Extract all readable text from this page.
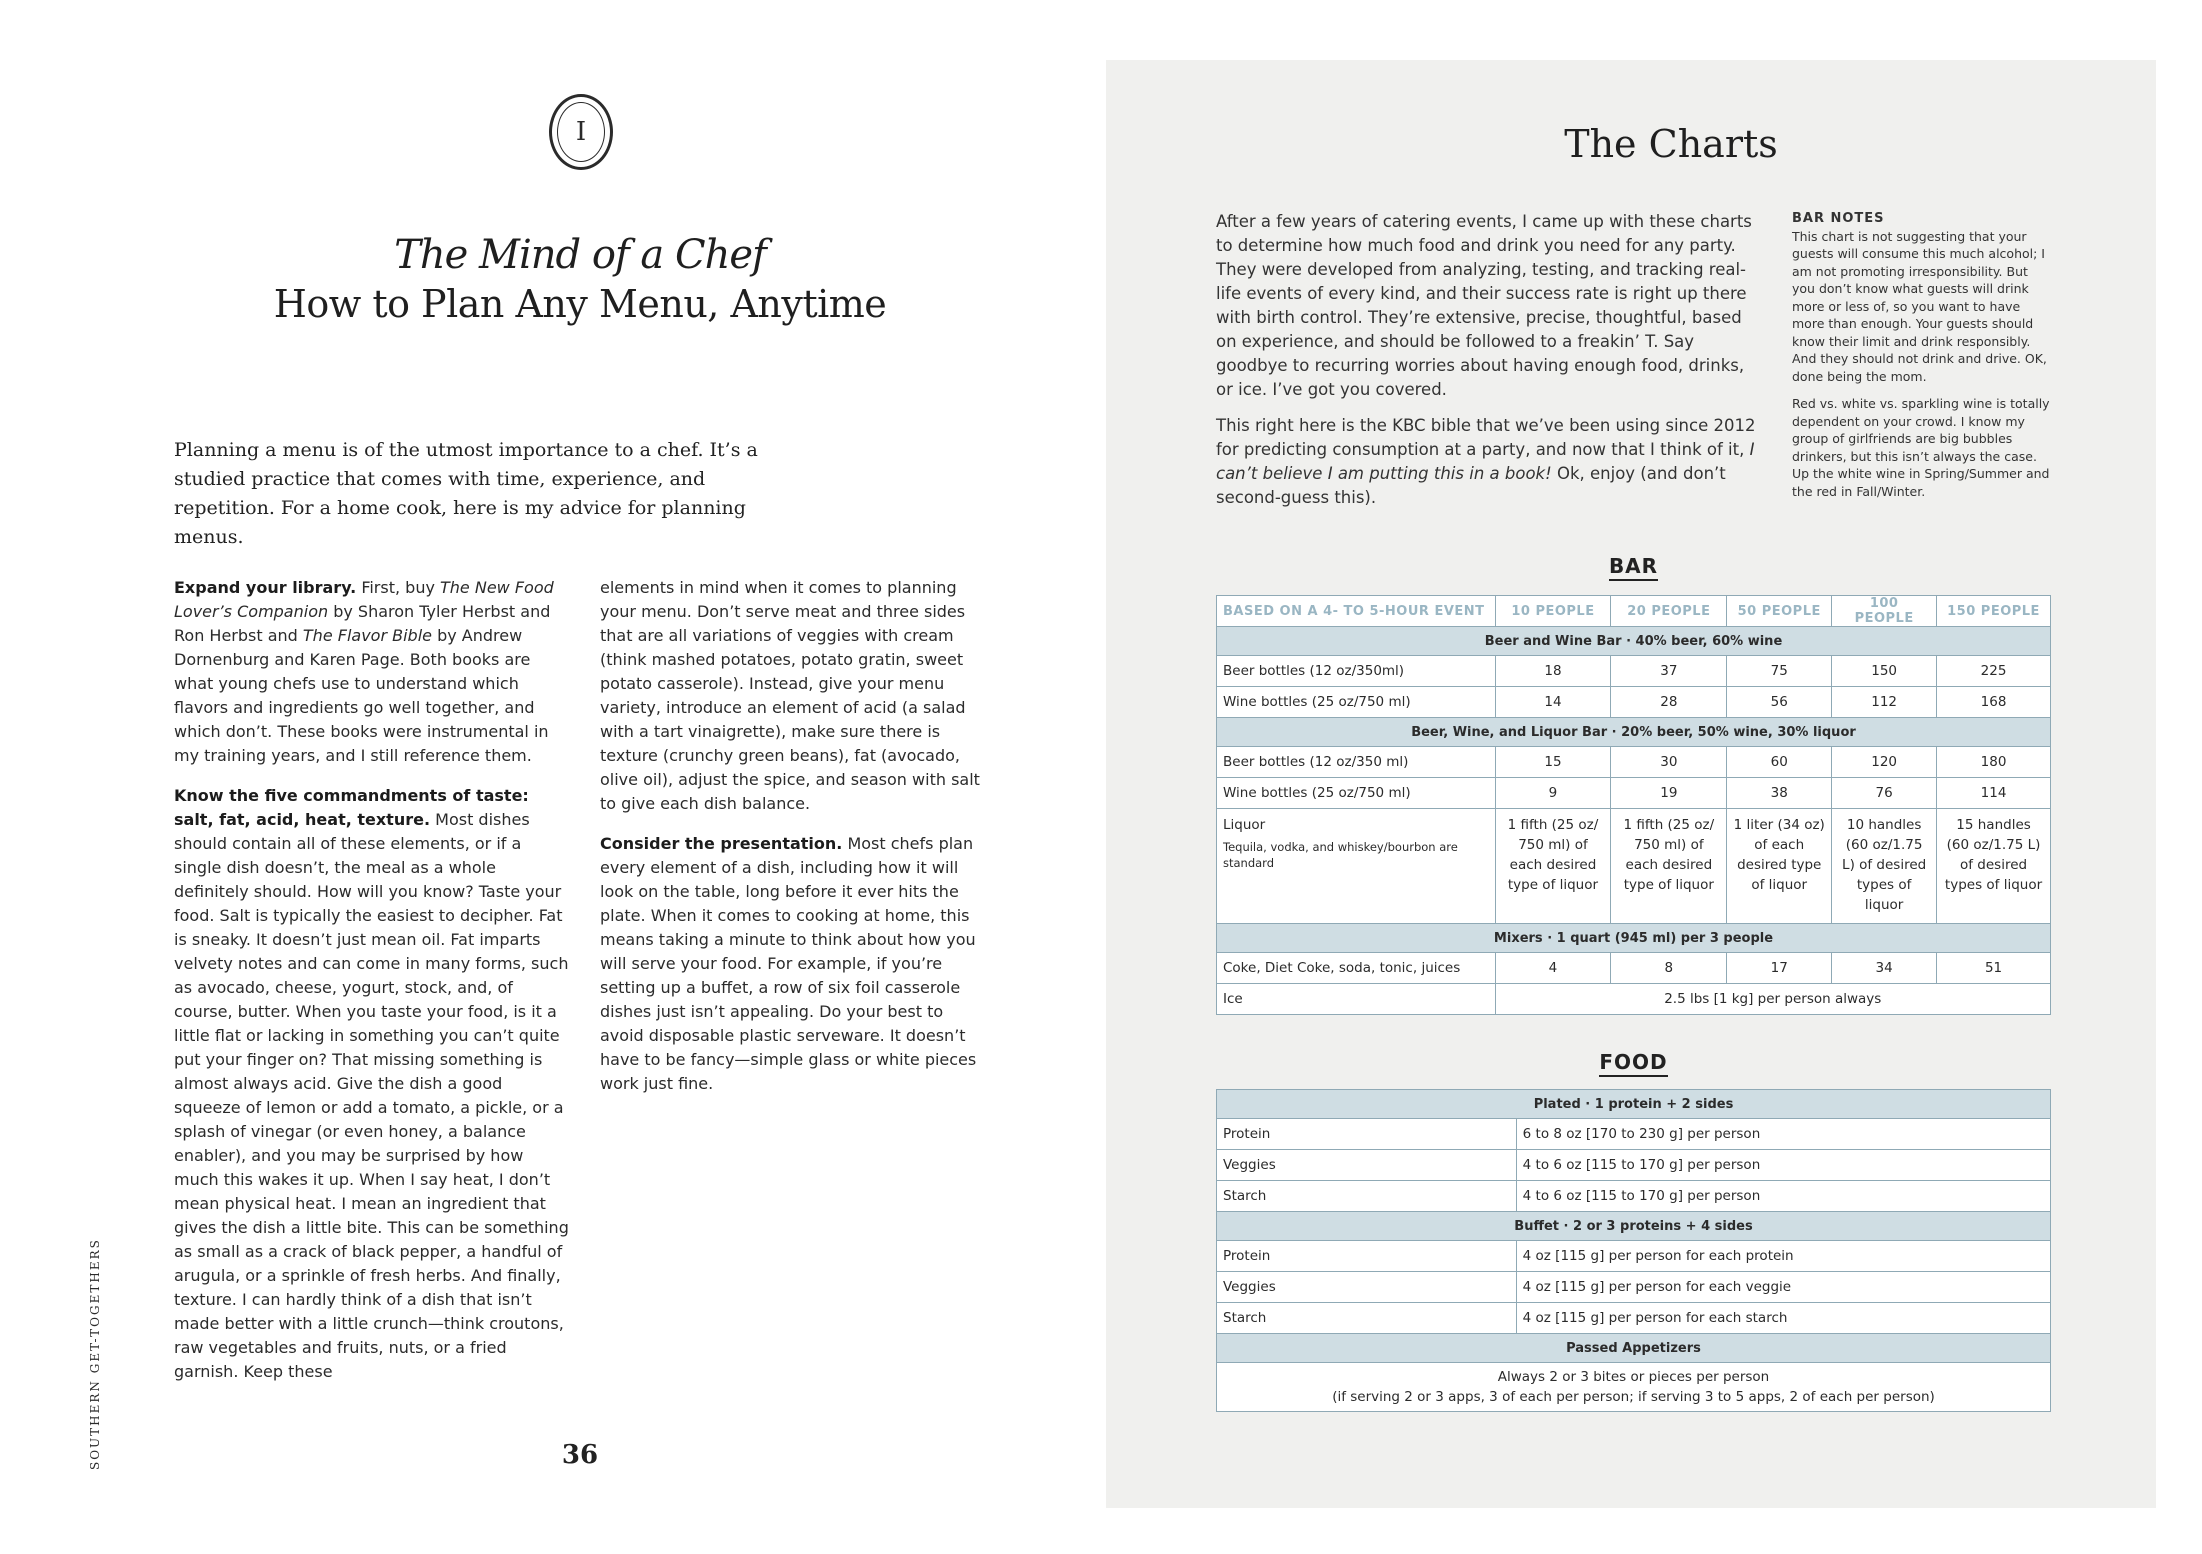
I
The Mind of a Chef
How to Plan Any Menu, Anytime
Planning a menu is of the utmost importance to a chef. It’s a studied practice that comes with time, experience, and repetition. For a home cook, here is my advice for planning menus.

Expand your library. First, buy The New Food Lover’s Companion by Sharon Tyler Herbst and Ron Herbst and The Flavor Bible by Andrew Dornenburg and Karen Page. Both books are what young chefs use to understand which flavors and ingredients go well together, and which don’t. These books were instrumental in my training years, and I still reference them.

Know the five commandments of taste: salt, fat, acid, heat, texture. Most dishes should contain all of these elements, or if a single dish doesn’t, the meal as a whole definitely should. How will you know? Taste your food. Salt is typically the easiest to decipher. Fat is sneaky. It doesn’t just mean oil. Fat imparts velvety notes and can come in many forms, such as avocado, cheese, yogurt, stock, and, of course, butter. When you taste your food, is it a little flat or lacking in something you can’t quite put your finger on? That missing something is almost always acid. Give the dish a good squeeze of lemon or add a tomato, a pickle, or a splash of vinegar (or even honey, a balance enabler), and you may be surprised by how much this wakes it up. When I say heat, I don’t mean physical heat. I mean an ingredient that gives the dish a little bite. This can be something as small as a crack of black pepper, a handful of arugula, or a sprinkle of fresh herbs. And finally, texture. I can hardly think of a dish that isn’t made better with a little crunch—think croutons, raw vegetables and fruits, nuts, or a fried garnish. Keep these

elements in mind when it comes to planning your menu. Don’t serve meat and three sides that are all variations of veggies with cream (think mashed potatoes, potato gratin, sweet potato casserole). Instead, give your menu variety, introduce an element of acid (a salad with a tart vinaigrette), make sure there is texture (crunchy green beans), fat (avocado, olive oil), adjust the spice, and season with salt to give each dish balance.

Consider the presentation. Most chefs plan every element of a dish, including how it will look on the table, long before it ever hits the plate. When it comes to cooking at home, this means taking a minute to think about how you will serve your food. For example, if you’re setting up a buffet, a row of six foil casserole dishes just isn’t appealing. Do your best to avoid disposable plastic serveware. It doesn’t have to be fancy—simple glass or white pieces work just fine.

SOUTHERN GET-TOGETHERS	36
The Charts

After a few years of catering events, I came up with these charts to determine how much food and drink you need for any party. They were developed from analyzing, testing, and tracking real-life events of every kind, and their success rate is right up there with birth control. They’re extensive, precise, thoughtful, based on experience, and should be followed to a freakin’ T. Say goodbye to recurring worries about having enough food, drinks, or ice. I’ve got you covered.

This right here is the KBC bible that we’ve been using since 2012 for predicting consumption at a party, and now that I think of it, I can’t believe I am putting this in a book! Ok, enjoy (and don’t second-guess this).

BAR NOTES

This chart is not suggesting that your guests will consume this much alcohol; I am not promoting irresponsibility. But you don’t know what guests will drink more or less of, so you want to have more than enough. Your guests should know their limit and drink responsibly. And they should not drink and drive. OK, done being the mom.

Red vs. white vs. sparkling wine is totally dependent on your crowd. I know my group of girlfriends are big bubbles drinkers, but this isn’t always the case. Up the white wine in Spring/Summer and the red in Fall/Winter.

BAR
BASED ON A 4- TO 5-HOUR EVENT	10 PEOPLE	20 PEOPLE	50 PEOPLE	100 PEOPLE	150 PEOPLE
Beer and Wine Bar · 40% beer, 60% wine					
Beer bottles (12 oz/350ml)	18	37	75	150	225
Wine bottles (25 oz/750 ml)	14	28	56	112	168
Beer, Wine, and Liquor Bar · 20% beer, 50% wine, 30% liquor					
Beer bottles (12 oz/350 ml)	15	30	60	120	180
Wine bottles (25 oz/750 ml)	9	19	38	76	114
Liquor
Tequila, vodka, and whiskey/bourbon are standard	1 fifth (25 oz/ 750 ml) of each desired type of liquor	1 fifth (25 oz/ 750 ml) of each desired type of liquor	1 liter (34 oz) of each desired type of liquor	10 handles (60 oz/1.75 L) of desired types of liquor	15 handles (60 oz/1.75 L) of desired types of liquor
Mixers · 1 quart (945 ml) per 3 people					
Coke, Diet Coke, soda, tonic, juices	4	8	17	34	51
Ice	2.5 lbs [1 kg] per person always				
FOOD
Plated · 1 protein + 2 sides	
Protein	6 to 8 oz [170 to 230 g] per person
Veggies	4 to 6 oz [115 to 170 g] per person
Starch	4 to 6 oz [115 to 170 g] per person
Buffet · 2 or 3 proteins + 4 sides	
Protein	4 oz [115 g] per person for each protein
Veggies	4 oz [115 g] per person for each veggie
Starch	4 oz [115 g] per person for each starch
Passed Appetizers	
Always 2 or 3 bites or pieces per person
(if serving 2 or 3 apps, 3 of each per person; if serving 3 to 5 apps, 2 of each per person)	
